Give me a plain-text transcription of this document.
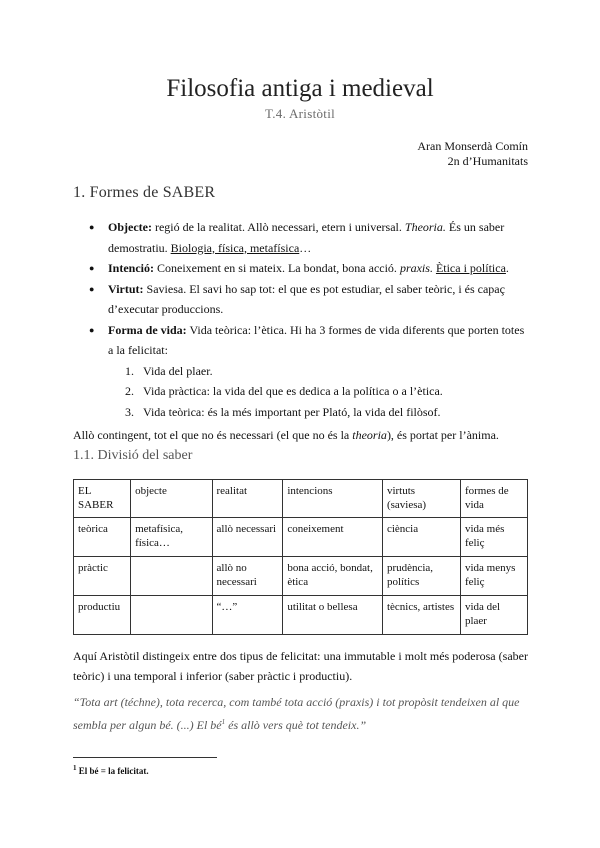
Filosofia antiga i medieval
T.4. Aristòtil
Aran Monserdà Comín
2n d’Humanitats
1. Formes de SABER
● Objecte: regió de la realitat. Allò necessari, etern i universal. Theoria. És un saber demostratiu. Biologia, física, metafísica…
● Intenció: Coneixement en si mateix. La bondat, bona acció. praxis. Ètica i política.
● Virtut: Saviesa. El savi ho sap tot: el que es pot estudiar, el saber teòric, i és capaç d’executar produccions.
● Forma de vida: Vida teòrica: l’ètica. Hi ha 3 formes de vida diferents que porten totes a la felicitat:
1. Vida del plaer.
2. Vida pràctica: la vida del que es dedica a la política o a l’ètica.
3. Vida teòrica: és la més important per Plató, la vida del filòsof.
Allò contingent, tot el que no és necessari (el que no és la theoria), és portat per l’ànima.
1.1. Divisió del saber
EL SABER	objecte	realitat	intencions	virtuts (saviesa)	formes de vida
teòrica	metafísica, física…	allò necessari	coneixement	ciència	vida més feliç
pràctic		allò no necessari	bona acció, bondat, ètica	prudència, polítics	vida menys feliç
productiu		“…”	utilitat o bellesa	tècnics, artistes	vida del plaer
Aquí Aristòtil distingeix entre dos tipus de felicitat: una immutable i molt més poderosa (saber teòric) i una temporal i inferior (saber pràctic i productiu).
“Tota art (téchne), tota recerca, com també tota acció (praxis) i tot propòsit tendeixen al que sembla per algun bé. (...) El $bé^1$ és allò vers què tot tendeix.”
$^1$ El bé = la felicitat.
